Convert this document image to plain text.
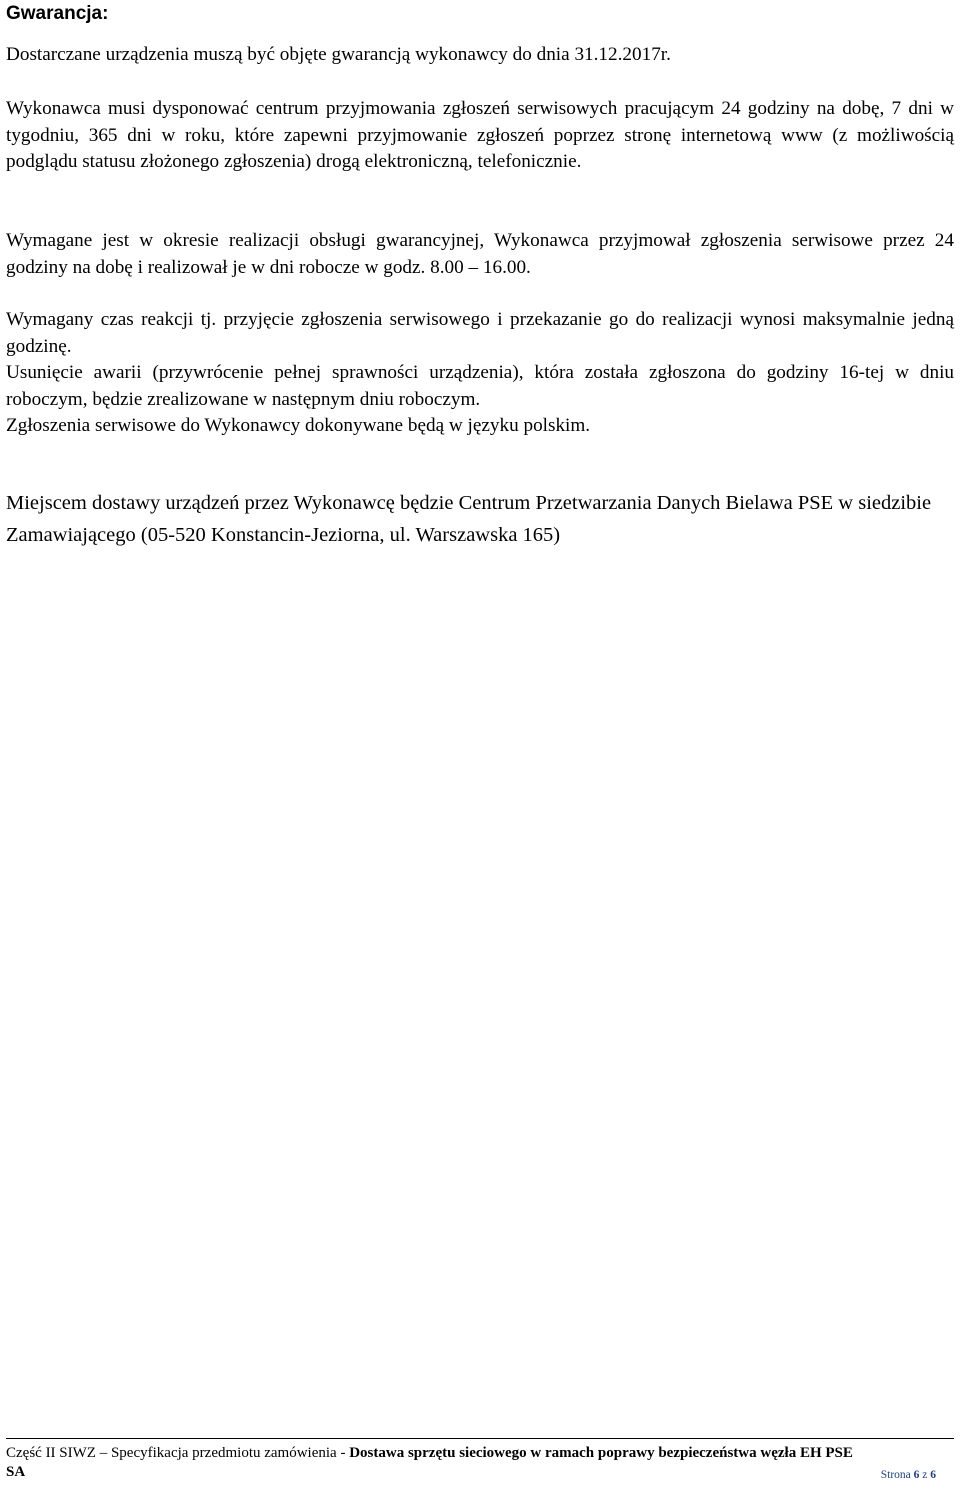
Gwarancja:

Dostarczane urządzenia muszą być objęte gwarancją wykonawcy do dnia 31.12.2017r.

Wykonawca musi dysponować centrum przyjmowania zgłoszeń serwisowych pracującym 24 godziny na dobę, 7 dni w tygodniu, 365 dni w roku, które zapewni przyjmowanie zgłoszeń poprzez stronę internetową www (z możliwością podglądu statusu złożonego zgłoszenia) drogą elektroniczną, telefonicznie.

Wymagane jest w okresie realizacji obsługi gwarancyjnej, Wykonawca przyjmował zgłoszenia serwisowe przez 24 godziny na dobę i realizował je w dni robocze w godz. 8.00 – 16.00.

Wymagany czas reakcji tj. przyjęcie zgłoszenia serwisowego i przekazanie go do realizacji wynosi maksymalnie jedną godzinę.

Usunięcie awarii (przywrócenie pełnej sprawności urządzenia), która została zgłoszona do godziny 16-tej w dniu roboczym, będzie zrealizowane w następnym dniu roboczym.

Zgłoszenia serwisowe do Wykonawcy dokonywane będą w języku polskim.

Miejscem dostawy urządzeń przez Wykonawcę będzie Centrum Przetwarzania Danych Bielawa PSE w siedzibie Zamawiającego (05-520 Konstancin-Jeziorna, ul. Warszawska 165)

Część II SIWZ – Specyfikacja przedmiotu zamówienia - Dostawa sprzętu sieciowego w ramach poprawy bezpieczeństwa węzła EH PSE
SA	Strona 6 z 6
